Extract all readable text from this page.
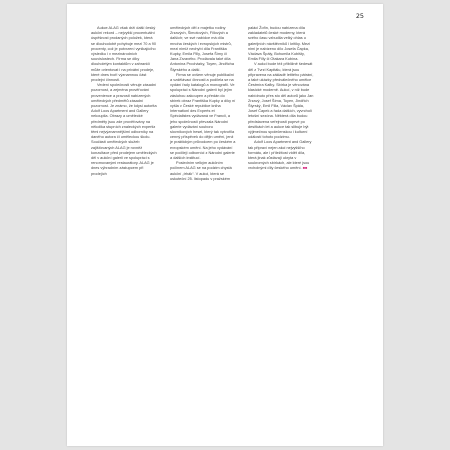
25

Aukce ALAG však drží další český aukční rekord – nejvyšší procentuální úspěšnost prodaných položek, která se dlouhodobě pohybuje mezi 70 a 90 procenty, což je potvrzení vynikajícího výsledku i v mezinárodních souvislostech. Firma se díky dlouholetým kontaktům v zahraničí může orientovat i na privátní prodeje, které dnes tvoří významnou část prodejní činnosti.

Vedení společnosti věnuje zásadní pozornost, a zejména prověřování provenience a pravosti nabízených uměleckých předmětů zásadní pozornost. Je známo, že kdysi autorita Adolf Loos Apartment and Gallery nekoupila. Obrazy a umělecké předměty jsou zde prověřovány na několika stupních znaleckých expertiz těmi nejvýznamnějšími odborníky na daného autora či uměleckou školu. Součástí uměleckých služeb zajišťovaných ALAG je rovněž konzultace před prodejem uměleckých děl v aukční galerii ve spolupráci s renomovanými restaurátory. ALAG je dnes výhradním zástupcem při prodejích

uměleckých děl z majetku rodiny Zrzavých, Šimotových, Fillových a dalších; ve své nabídce má díla mnoha českých i evropských mistrů, mezi nimiž nechybí díla Františka Kupky, Emila Filly, Josefa Šímy či Jana Zrzavého. Prodávala také díla Antonína Procházky, Toyen, Jindřicha Štyrského a další.

Firma se ovšem věnuje publikační a vzdělávací činnosti a podílela se na vydání řady katalogů a monografií. Ve spolupráci s Národní galerií byl jejím zásluhou zakoupen a předán do sbírek obraz Františka Kupky a díky ní vyšla v České republice kniha Internationl des Experts et Spécialistes vydávaná ve Francii, a jeho společností převzala Národní galerie vydávání souboru slovníkových hesel, který tak vytvořila cenný příspěvek do dějin umění, jenž je praktickým průvodcem po českém a evropském umění. Na jeho vydávání se podílejí odborníci z Národní galerie a dalších institucí.

Posledním velkým aukčním počinem ALAG se na podzim chystá aukční „trhák“. V aukci, která se uskuteční 25. listopadu v pražském

paláci Žofín, budou nabízena díla zakladatelů české moderny, která svého času vzbudila velký ohlas u galerijních návštěvníků i kritiky. Mezi nimi je nabízeno dílo Josefa Čapka, Václava Špály, Bohumila Kubišty, Emila Filly či Otakara Kubína.

V aukci bude též přibližně šedesát děl z Tvrzi Kapitálu, která jsou připravena na základě letitého pátrání, a také ukázky předválečného umělce Čestmíra Kafky. Sbírka je věnována klasické moderně. Aukcí, v níž bude nabídnuto přes sto děl autorů jako Jan Zrzavý, Josef Šíma, Toyen, Jindřich Štyrský, Emil Filla, Václav Špála, Josef Čapek a řada dalších, vyvrcholí letošní sezóna. Některá díla budou představena veřejnosti poprvé po desítkách let a aukce tak slibuje být výjimečnou společenskou i kulturní událostí tohoto podzimu.

Adolf Loos Apartment and Gallery tak připraví nejen akci nejvyššího formátu, ale i příležitost vidět díla, která jinak zůstávají ukryta v soukromých sbírkách, ale které jsou vrcholnými díly českého umění. ■■
